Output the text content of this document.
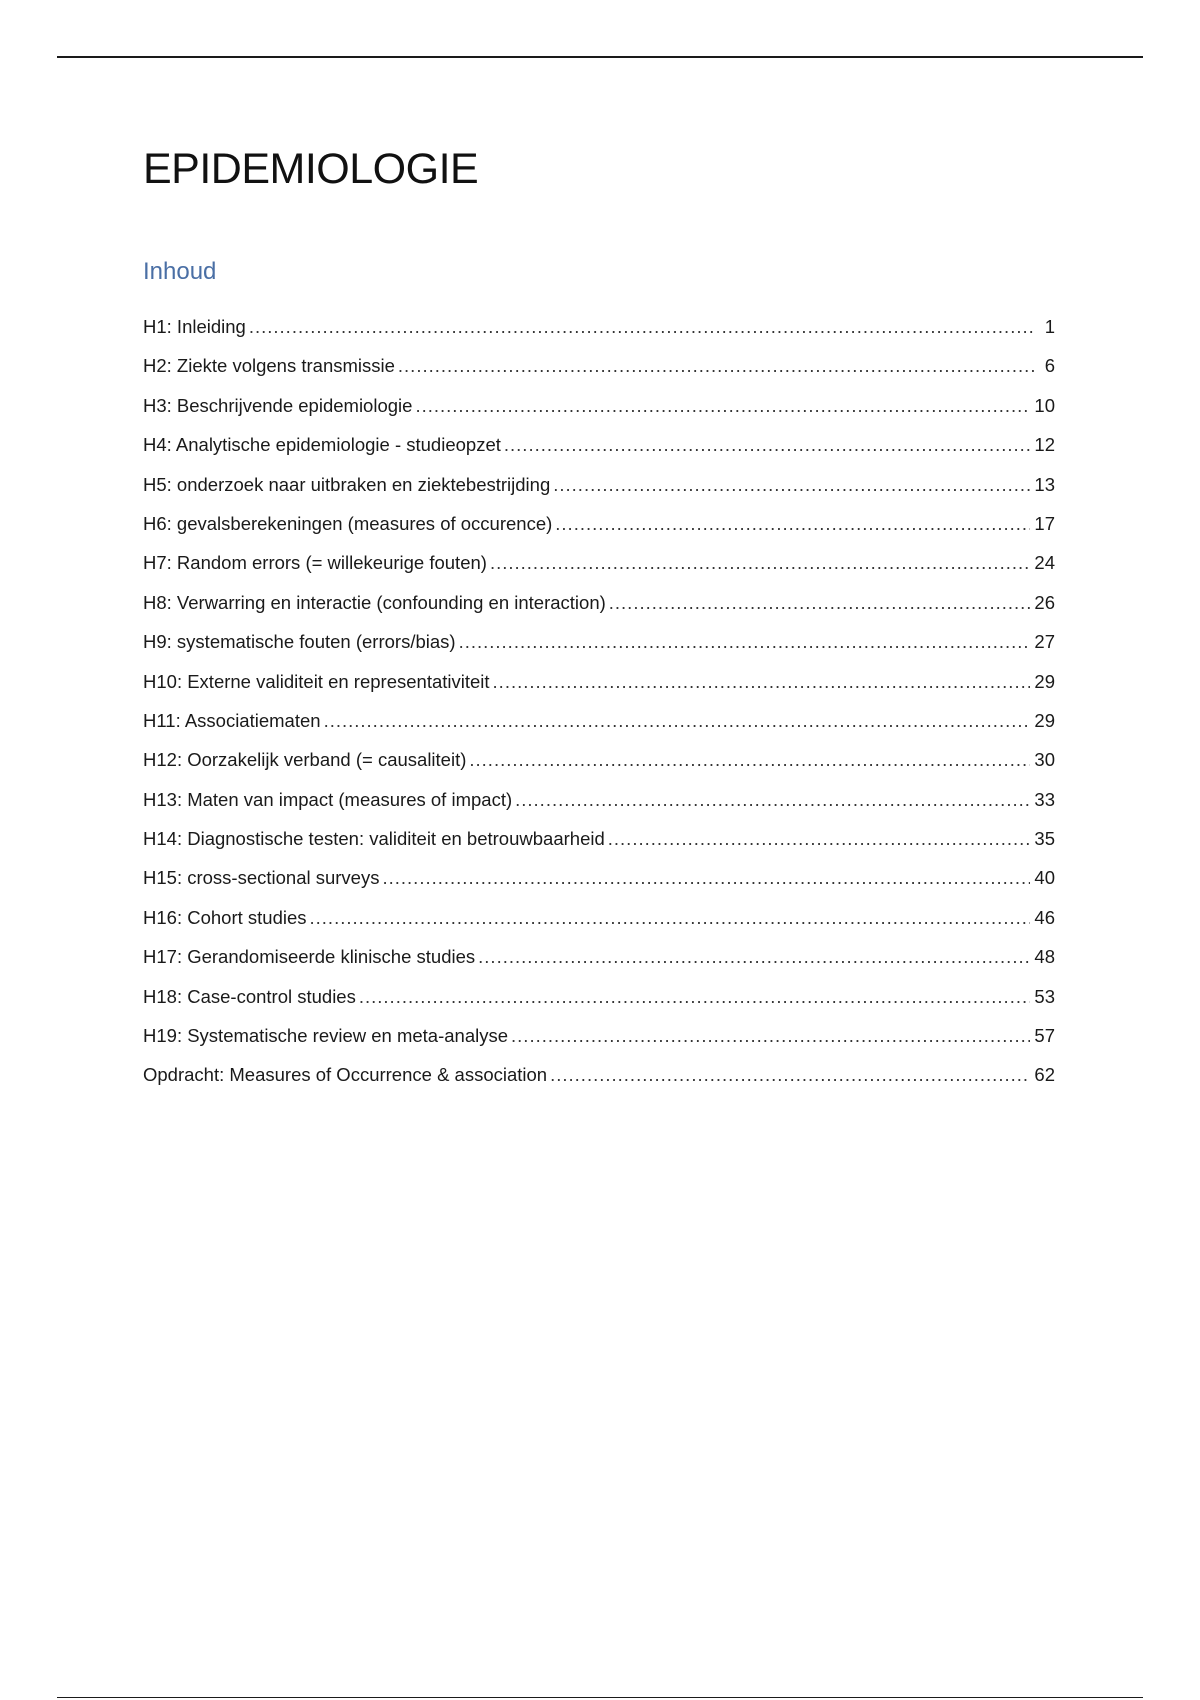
EPIDEMIOLOGIE
Inhoud
H1: Inleiding .....	1
H2: Ziekte volgens transmissie .....	6
H3: Beschrijvende epidemiologie .....	10
H4: Analytische epidemiologie - studieopzet .....	12
H5: onderzoek naar uitbraken en ziektebestrijding .....	13
H6: gevalsberekeningen (measures of occurence) .....	17
H7: Random errors (= willekeurige fouten) .....	24
H8: Verwarring en interactie (confounding en interaction) .....	26
H9: systematische fouten (errors/bias) .....	27
H10: Externe validiteit en representativiteit .....	29
H11: Associatiematen .....	29
H12: Oorzakelijk verband (= causaliteit) .....	30
H13: Maten van impact (measures of impact) .....	33
H14: Diagnostische testen: validiteit en betrouwbaarheid .....	35
H15: cross-sectional surveys .....	40
H16: Cohort studies .....	46
H17: Gerandomiseerde klinische studies .....	48
H18: Case-control studies .....	53
H19: Systematische review en meta-analyse .....	57
Opdracht: Measures of Occurrence & association .....	62
